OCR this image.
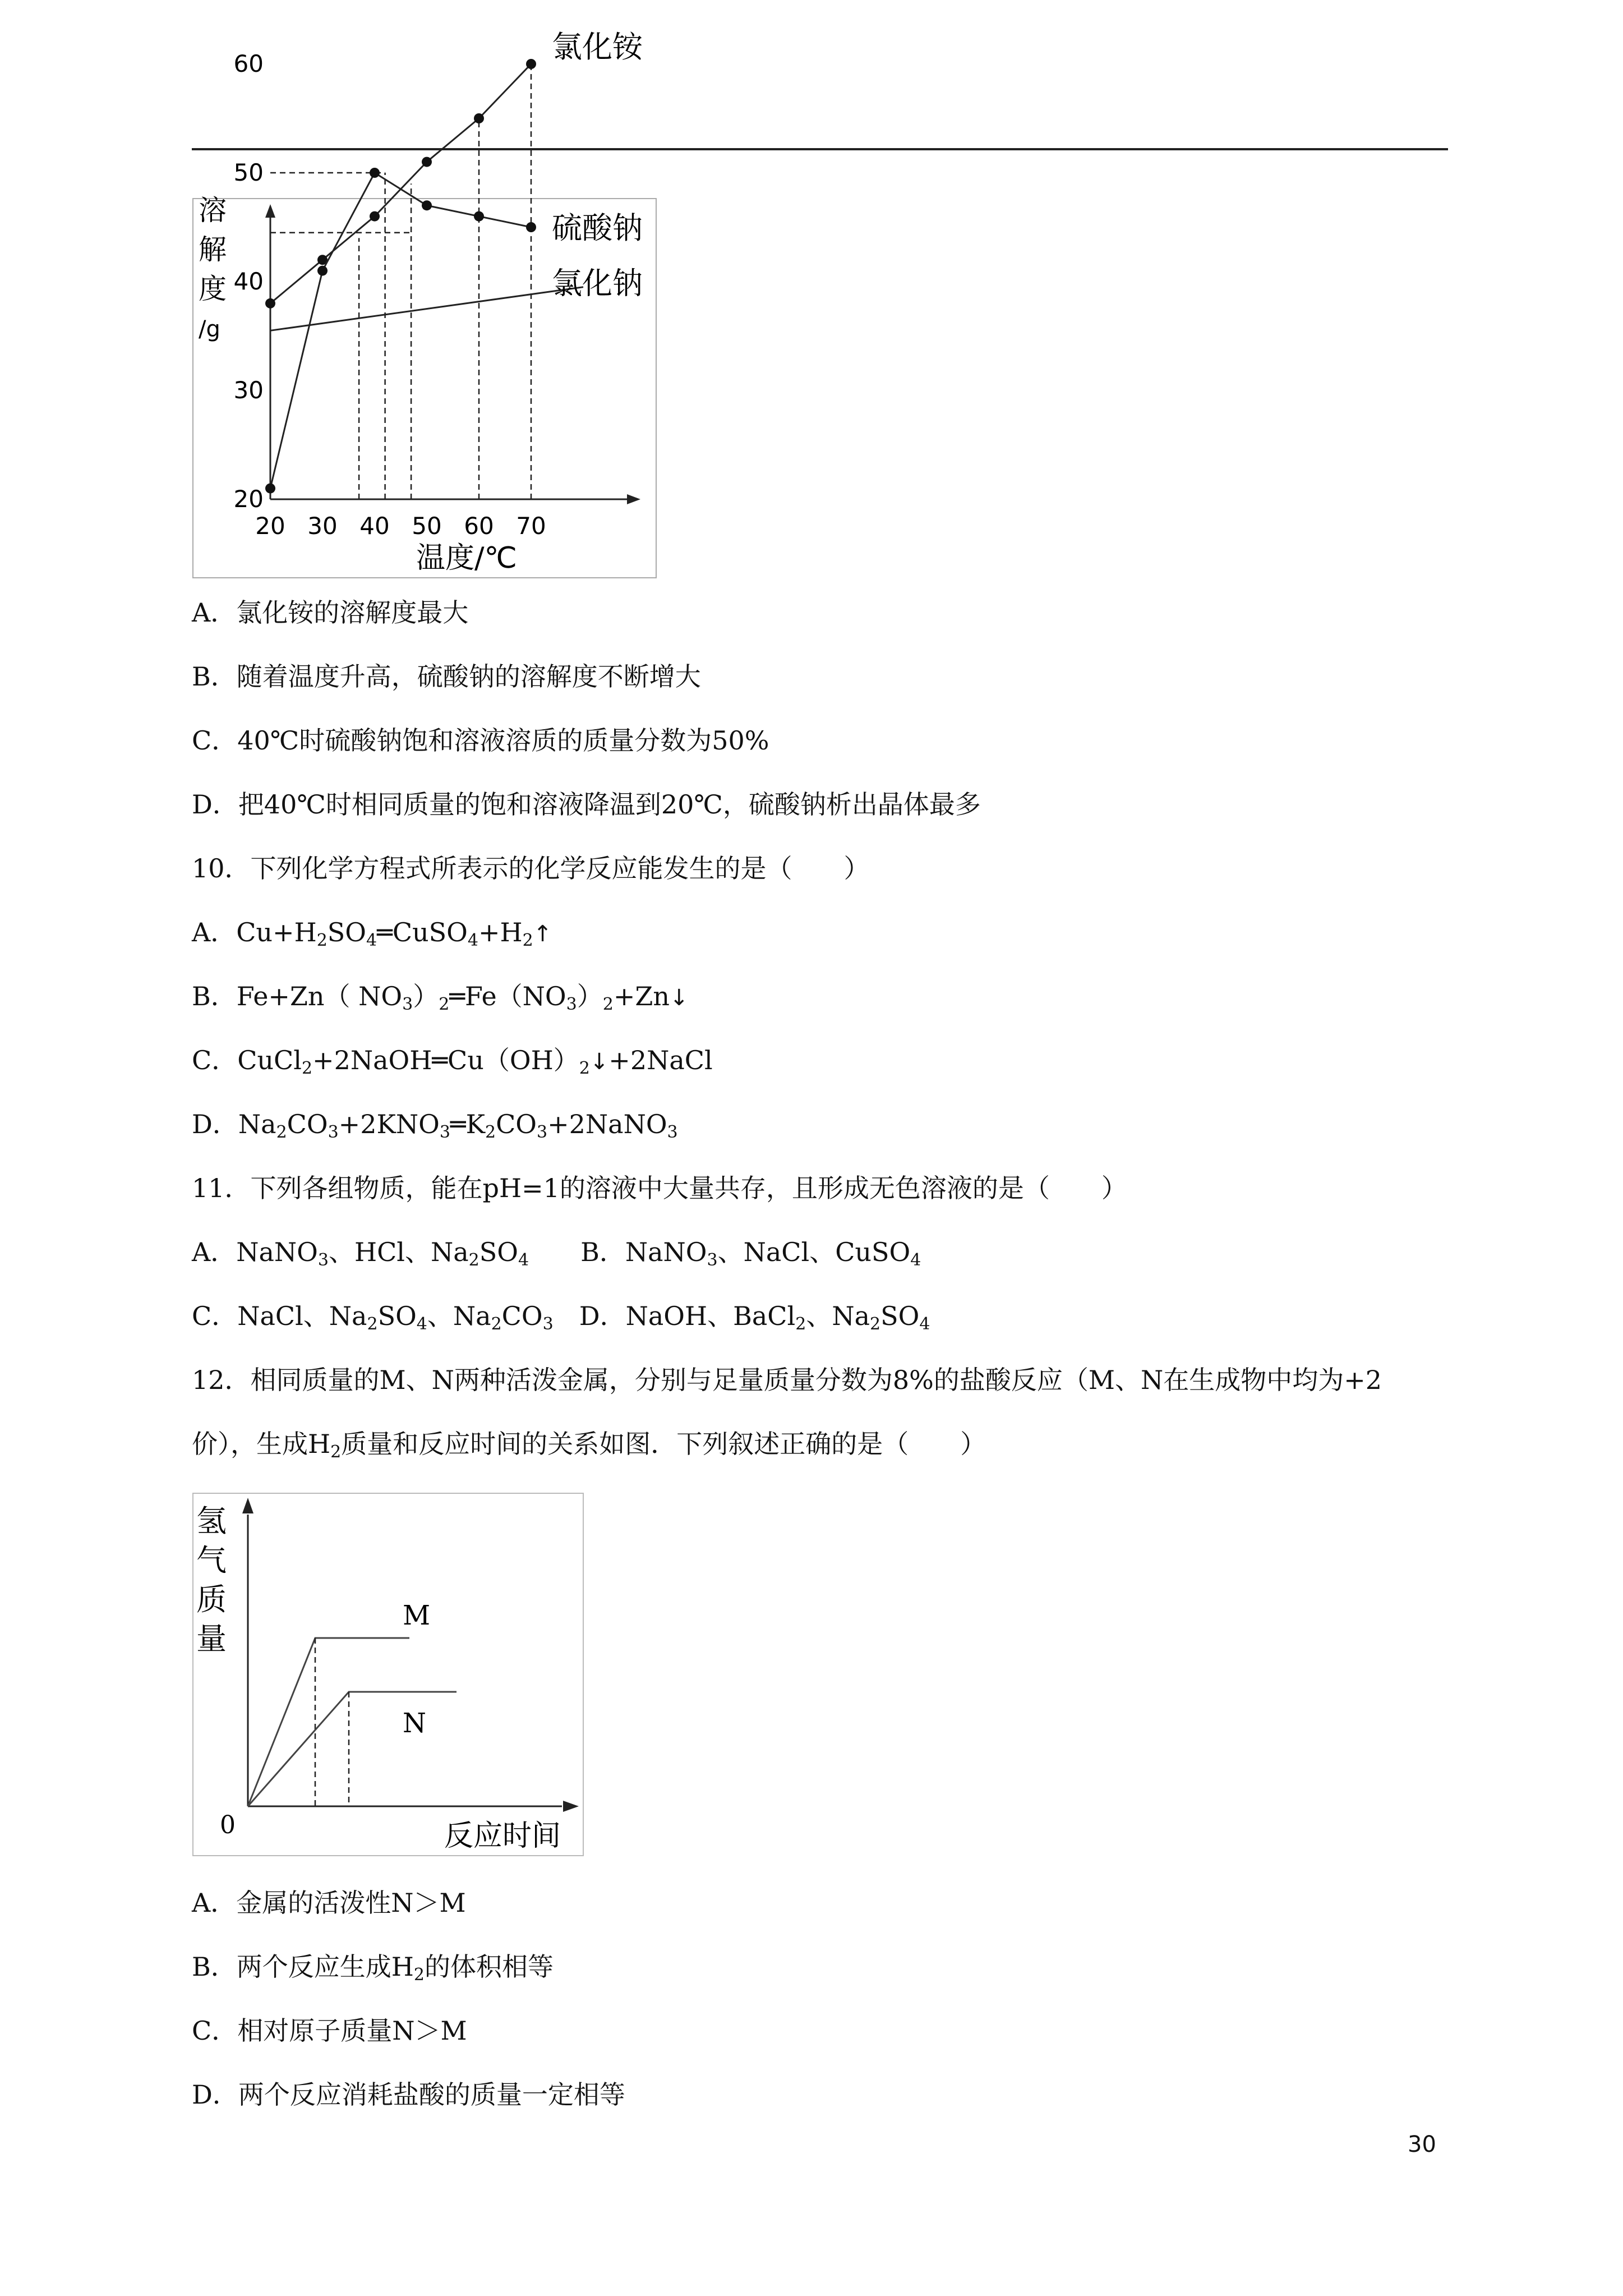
20 30 40 50 60 70
20
30
40
50
60	氯化铵
硫酸钠
氯化钠
溶
解
度
/g
温度/℃
A．氯化铵的溶解度最大
B．随着温度升高，硫酸钠的溶解度不断增大
C．40℃时硫酸钠饱和溶液溶质的质量分数为50%
D．把40℃时相同质量的饱和溶液降温到20℃，硫酸钠析出晶体最多
10．下列化学方程式所表示的化学反应能发生的是（　　）
A．$Cu+H_2SO_4═CuSO_4+H_2↑$
B．Fe+Zn（ $NO_3)_2═Fe(NO_3)_2+Zn↓$
C．$CuCl_2+2NaOH═Cu(OH)_2↓+2NaCl$
D．$Na_2CO_3+2KNO_3═K_2CO_3+2NaNO_3$
11．下列各组物质，能在pH=1的溶液中大量共存，且形成无色溶液的是（　　）
A．NaNO$_3$、HCl、$Na_2SO_4$　　B．NaNO$_3$、NaCl、CuSO$_4$
C．NaCl、$Na_2SO_4$、$Na_2CO_3$　D．NaOH、BaCl$_2$、$Na_2SO_4$
12．相同质量的M、N两种活泼金属，分别与足量质量分数为8%的盐酸反应（M、N在生成物中均为+2
价），生成$H_2$质量和反应时间的关系如图．下列叙述正确的是（　　）
M
N
氢
气
质
量
0	反应时间
A．金属的活泼性N＞M
B．两个反应生成$H_2$的体积相等
C．相对原子质量N＞M
D．两个反应消耗盐酸的质量一定相等
30
